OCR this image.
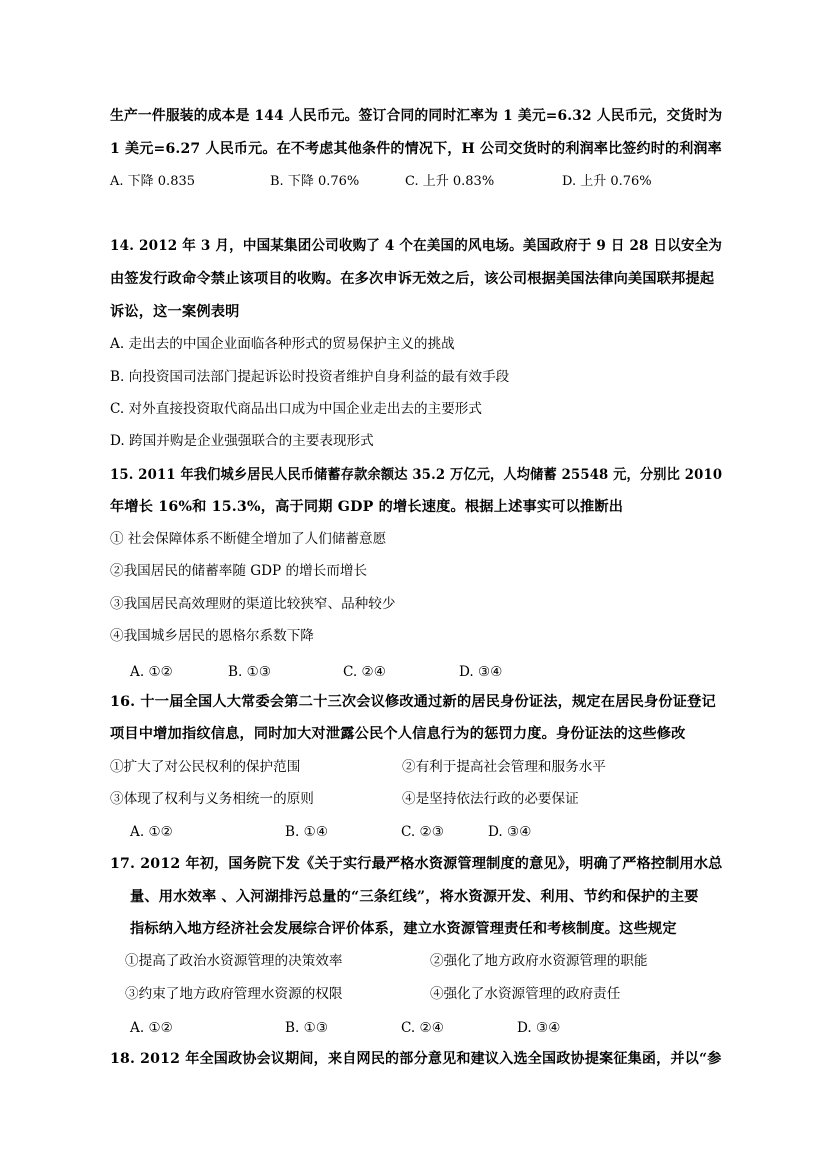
生产一件服装的成本是 144 人民币元。签订合同的同时汇率为 1 美元=6.32 人民币元，交货时为
1 美元=6.27 人民币元。在不考虑其他条件的情况下，H 公司交货时的利润率比签约时的利润率
A. 下降 0.835	B. 下降 0.76%	C. 上升 0.83%	D. 上升 0.76%
14. 2012 年 3 月，中国某集团公司收购了 4 个在美国的风电场。美国政府于 9 日 28 日以安全为
由签发行政命令禁止该项目的收购。在多次申诉无效之后，该公司根据美国法律向美国联邦提起
诉讼，这一案例表明
A. 走出去的中国企业面临各种形式的贸易保护主义的挑战
B. 向投资国司法部门提起诉讼时投资者维护自身利益的最有效手段
C. 对外直接投资取代商品出口成为中国企业走出去的主要形式
D. 跨国并购是企业强强联合的主要表现形式
15. 2011 年我们城乡居民人民币储蓄存款余额达 35.2 万亿元，人均储蓄 25548 元，分别比 2010
年增长 16%和 15.3%，高于同期 GDP 的增长速度。根据上述事实可以推断出
① 社会保障体系不断健全增加了人们储蓄意愿
②我国居民的储蓄率随 GDP 的增长而增长
③我国居民高效理财的渠道比较狭窄、品种较少
④我国城乡居民的恩格尔系数下降
A. ①②	B. ①③	C. ②④	D. ③④
16. 十一届全国人大常委会第二十三次会议修改通过新的居民身份证法，规定在居民身份证登记
项目中增加指纹信息，同时加大对泄露公民个人信息行为的惩罚力度。身份证法的这些修改
①扩大了对公民权利的保护范围	②有利于提高社会管理和服务水平
③体现了权利与义务相统一的原则	④是坚持依法行政的必要保证
A. ①②	B. ①④	C. ②③	D. ③④
17. 2012 年初，国务院下发《关于实行最严格水资源管理制度的意见》，明确了严格控制用水总
量、用水效率 、入河湖排污总量的“三条红线”，将水资源开发、利用、节约和保护的主要
指标纳入地方经济社会发展综合评价体系，建立水资源管理责任和考核制度。这些规定
①提高了政治水资源管理的决策效率	②强化了地方政府水资源管理的职能
③约束了地方政府管理水资源的权限	④强化了水资源管理的政府责任
A. ①②	B. ①③	C. ②④	D. ③④
18. 2012 年全国政协会议期间，来自网民的部分意见和建议入选全国政协提案征集函，并以“参
